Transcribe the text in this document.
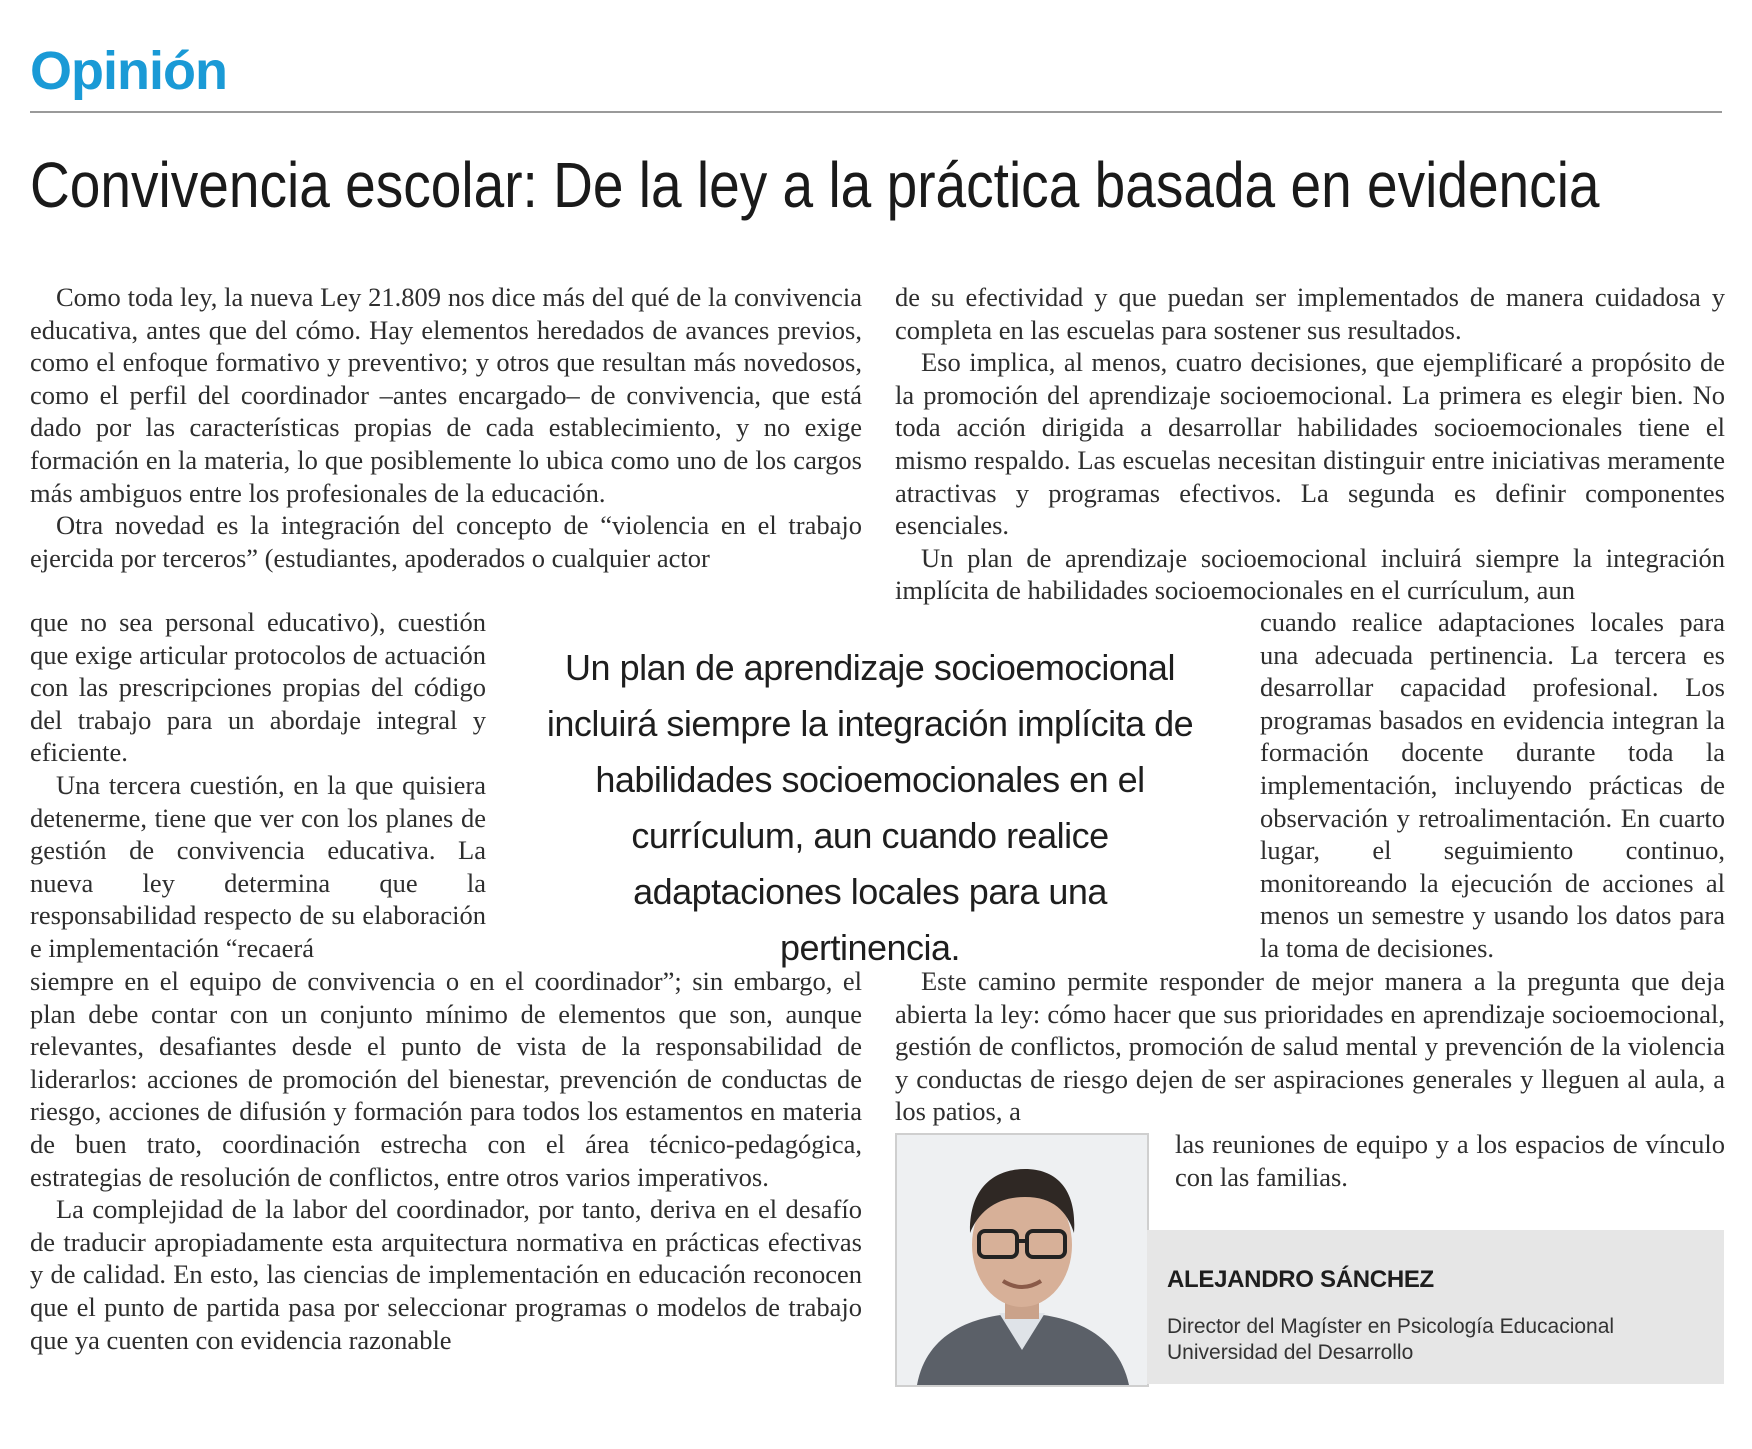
Opinión
Convivencia escolar: De la ley a la práctica basada en evidencia

Como toda ley, la nueva Ley 21.809 nos dice más del qué de la convivencia educativa, antes que del cómo. Hay elementos heredados de avances previos, como el enfoque formativo y preventivo; y otros que resultan más novedosos, como el perfil del coordinador –antes encargado– de convivencia, que está dado por las características propias de cada establecimiento, y no exige formación en la materia, lo que posiblemente lo ubica como uno de los cargos más ambiguos entre los profesionales de la educación.

Otra novedad es la integración del concepto de “violencia en el trabajo ejercida por terceros” (estudiantes, apoderados o cualquier actor

que no sea personal educativo), cuestión que exige articular protocolos de actuación con las prescripciones propias del código del trabajo para un abordaje integral y eficiente.

Una tercera cuestión, en la que quisiera detenerme, tiene que ver con los planes de gestión de convivencia educativa. La nueva ley determina que la responsabilidad respecto de su elaboración e implementación “recaerá

siempre en el equipo de convivencia o en el coordinador”; sin embargo, el plan debe contar con un conjunto mínimo de elementos que son, aunque relevantes, desafiantes desde el punto de vista de la responsabilidad de liderarlos: acciones de promoción del bienestar, prevención de conductas de riesgo, acciones de difusión y formación para todos los estamentos en materia de buen trato, coordinación estrecha con el área técnico-pedagógica, estrategias de resolución de conflictos, entre otros varios imperativos.

La complejidad de la labor del coordinador, por tanto, deriva en el desafío de traducir apropiadamente esta arquitectura normativa en prácticas efectivas y de calidad. En esto, las ciencias de implementación en educación reconocen que el punto de partida pasa por seleccionar programas o modelos de trabajo que ya cuenten con evidencia razonable

de su efectividad y que puedan ser implementados de manera cuidadosa y completa en las escuelas para sostener sus resultados.

Eso implica, al menos, cuatro decisiones, que ejemplificaré a propósito de la promoción del aprendizaje socioemocional. La primera es elegir bien. No toda acción dirigida a desarrollar habilidades socioemocionales tiene el mismo respaldo. Las escuelas necesitan distinguir entre iniciativas meramente atractivas y programas efectivos. La segunda es definir componentes esenciales.

Un plan de aprendizaje socioemocional incluirá siempre la integración implícita de habilidades socioemocionales en el currículum, aun

cuando realice adaptaciones locales para una adecuada pertinencia. La tercera es desarrollar capacidad profesional. Los programas basados en evidencia integran la formación docente durante toda la implementación, incluyendo prácticas de observación y retroalimentación. En cuarto lugar, el seguimiento continuo, monitoreando la ejecución de acciones al menos un semestre y usando los datos para la toma de decisiones.

Este camino permite responder de mejor manera a la pregunta que deja abierta la ley: cómo hacer que sus prioridades en aprendizaje socioemocional, gestión de conflictos, promoción de salud mental y prevención de la violencia y conductas de riesgo dejen de ser aspiraciones generales y lleguen al aula, a los patios, a

las reuniones de equipo y a los espacios de vínculo con las familias.

Un plan de aprendizaje socioemocional incluirá siempre la integración implícita de habilidades socioemocionales en el currículum, aun cuando realice adaptaciones locales para una pertinencia.
ALEJANDRO SÁNCHEZ
Director del Magíster en Psicología Educacional
Universidad del Desarrollo
